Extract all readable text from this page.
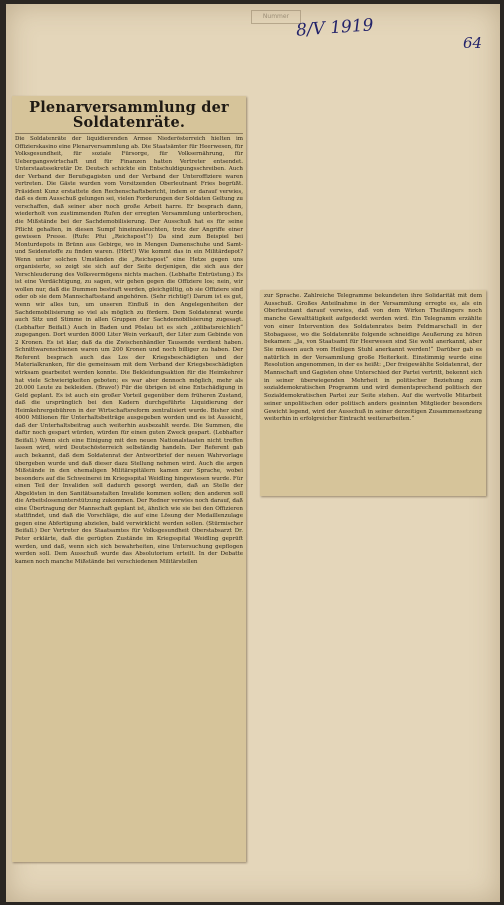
Nummer 8/V 1919
64
Plenarversammlung der Soldatenräte.

Die Soldatenräte der liquidierenden Armee Niederösterreich hielten im Offizierskasino eine Plenarversammlung ab. Die Staatsämter für Heerwesen, für Volksgesundheit, für soziale Fürsorge, für Volksernährung, für Uebergangswirtschaft und für Finanzen hatten Vertreter entsendet. Unterstaatssekretär Dr. Deutsch schickte ein Entschuldigungsschreiben. Auch der Verband der Berufsgagisten und der Verband der Unteroffiziere waren vertreten. Die Gäste wurden vom Vorsitzenden Oberleutnant Fries begrüßt. Präsident Kunz erstattete den Rechenschaftsbericht, indem er darauf verwies, daß es dem Ausschuß gelungen sei, vielen Forderungen der Soldaten Geltung zu verschaffen, daß seiner aber noch große Arbeit harre. Er besprach dann, wiederholt von zustimmenden Rufen der erregten Versammlung unterbrochen, die Mißstände bei der Sachdemobilisierung. Der Ausschuß hat es für seine Pflicht gehalten, in diesen Sumpf hineinzuleuchten, trotz der Angriffe einer gewissen Presse. (Rufe: Pfui „Reichspost“!) Da sind zum Beispiel bei Monturdepots in Brünn aus Gebirge, wo in Mengen Damenschuhe und Samt- und Seidenstoffe zu finden waren. (Hört!) Wie kommt das in ein Militärdepot? Wenn unter solchen Umständen die „Reichspost“ eine Hetze gegen uns organisierte, so zeigt sie sich auf der Seite derjenigen, die sich aus der Verschleuderung des Volksvermögens nichts machen. (Lebhafte Entrüstung.) Es ist eine Verdächtigung, zu sagen, wir gehen gegen die Offiziere los; nein, wir wollen nur, daß die Dummen bestraft werden, gleichgültig, ob sie Offiziere sind oder ob sie dem Mannschaftsstand angehören. (Sehr richtig!) Darum ist es gut, wenn wir alles tun, um unseren Einfluß in den Angelegenheiten der Sachdemobilisierung so viel als möglich zu fördern. Dem Soldatenrat wurde auch Sitz und Stimme in allen Gruppen der Sachdemobilisierung zugesagt. (Lebhafter Beifall.) Auch in Baden und Pöslau ist es sich „zölibatsreichlich“ zugegangen. Dort wurden 8000 Liter Wein verkauft, der Liter zum Gebinde von 2 Kronen. Es ist klar, daß da die Zwischenhändler Tausende verdient haben. Schnittwarenschienen waren um 200 Kronen und noch billiger zu haben. Der Referent besprach auch das Los der Kriegsbeschädigten und der Materialkranken, für die gemeinsam mit dem Verband der Kriegsbeschädigten wirksam gearbeitet werden konnte. Die Bekleidungsaktion für die Heimkehrer hat viele Schwierigkeiten geboten; es war aber dennoch möglich, mehr als 20.000 Leute zu bekleiden. (Bravo!) Für die übrigen ist eine Entschädigung in Geld geplant. Es ist auch ein großer Vorteil gegenüber dem früheren Zustand, daß die ursprünglich bei den Kadern durchgeführte Liquidierung der Heimkehrergebühren in der Wirtschaftsreform zentralisiert wurde. Bisher sind 4000 Millionen für Unterhaltsbeiträge ausgegeben worden und es ist Aussicht, daß der Unterhaltsbeitrag auch weiterhin ausbezahlt werde. Die Summen, die dafür noch gespart würden, würden für einen guten Zweck gespart. (Lebhafter Beifall.) Wenn sich eine Einigung mit den neuen Nationalstaaten nicht treffen lassen wird, wird Deutschösterreich selbständig handeln. Der Referent gab auch bekannt, daß dem Soldatenrat der Antwortbrief der neuen Wahrvorlage übergeben wurde und daß dieser dazu Stellung nehmen wird. Auch die argen Mißstände in den ehemaligen Militärspitälern kamen zur Sprache, wobei besonders auf die Schweinerei im Kriegsspital Weidling hingewiesen wurde. Für einen Teil der Invaliden soll dadurch gesorgt werden, daß an Stelle der Abgelösten in den Sanitätsanstalten Invalide kommen sollen; den anderen soll die Arbeitslosenunterstützung zukommen. Der Redner verwies noch darauf, daß eine Übertragung der Mannschaft geplant ist, ähnlich wie sie bei den Offizieren stattfindet, und daß die Vorschläge, die auf eine Lösung der Medaillenzulage gegen eine Abfertigung abzielen, bald verwirklicht werden sollen. (Stürmischer Beifall.) Der Vertreter des Staatsamtes für Volksgesundheit Oberstabsarzt Dr. Peter erklärte, daß die gerügten Zustände im Kriegsspital Weidling geprüft werden, und daß, wenn sich sich bewahrheiten, eine Untersuchung gepflogen werden soll. Dem Ausschuß wurde das Absolutorium erteilt. In der Debatte kamen noch manche Mißstände bei verschiedenen Militärstellen

zur Sprache. Zahlreiche Telegramme bekundeten ihre Solidarität mit dem Ausschuß. Großes Anteilnahme in der Versammlung erregte es, als ein Oberleutnant darauf verwies, daß von dem Wirken Theißingers noch manche Gewalttätigkeit aufgedeckt werden wird. Ein Telegramm erzählte von einer Intervention des Soldatenrates beim Feldmarschall in der Stobagasse, wo die Soldatenräte folgende schneidige Aeußerung zu hören bekamen: „Ja, von Staatsamt für Heerwesen sind Sie wohl anerkannt, aber Sie müssen auch vom Heiligen Stuhl anerkannt werden!“ Darüber gab es natürlich in der Versammlung große Heiterkeit. Einstimmig wurde eine Resolution angenommen, in der es heißt: „Der freigewählte Soldatenrat, der Mannschaft und Gagisten ohne Unterschied der Partei vertritt, bekennt sich in seiner überwiegenden Mehrheit in politischer Beziehung zum sozialdemokratischen Programm und wird dementsprechend politisch der Sozialdemokratischen Partei zur Seite stehen. Auf die wertvolle Mitarbeit seiner unpolitischen oder politisch anders gesinnten Mitglieder besonders Gewicht legend, wird der Ausschuß in seiner derzeitigen Zusammensetzung weiterhin in erfolgreicher Eintracht weiterarbeiten.“
